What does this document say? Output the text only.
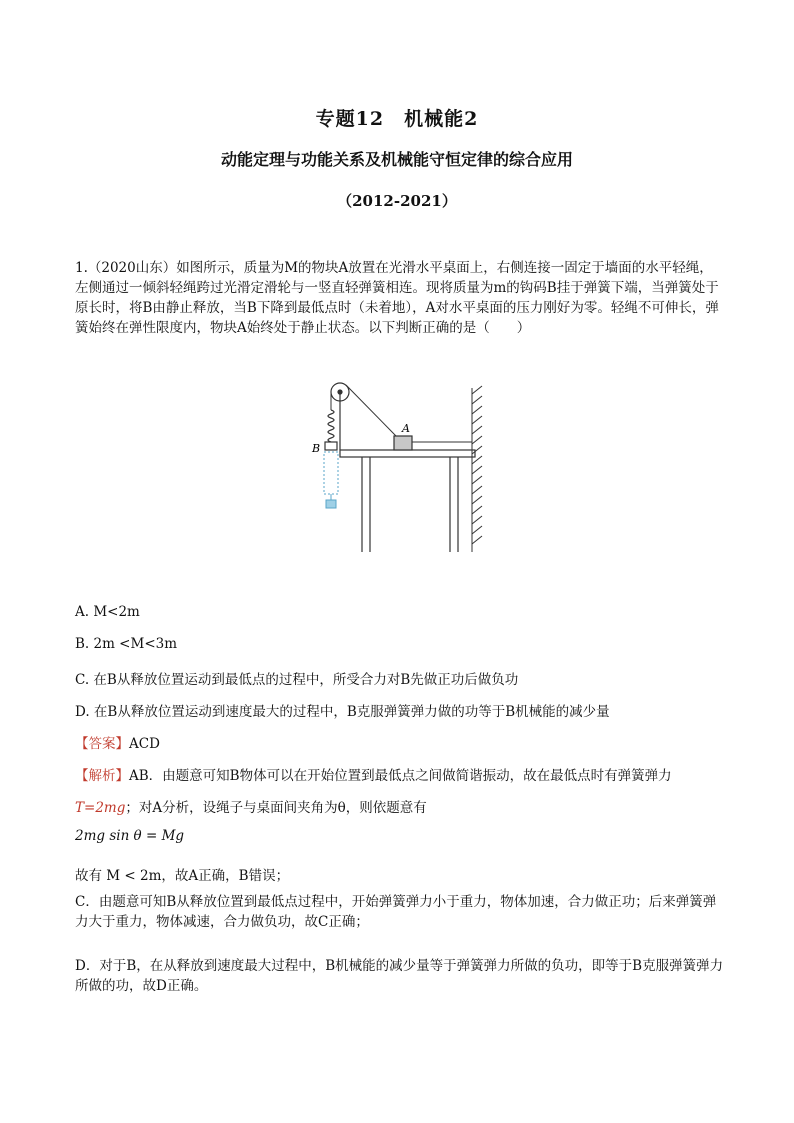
专题12　机械能2
动能定理与功能关系及机械能守恒定律的综合应用
（2012-2021）
1.（2020山东）如图所示，质量为M的物块A放置在光滑水平桌面上，右侧连接一固定于墙面的水平轻绳，左侧通过一倾斜轻绳跨过光滑定滑轮与一竖直轻弹簧相连。现将质量为m的钩码B挂于弹簧下端，当弹簧处于原长时，将B由静止释放，当B下降到最低点时（未着地），A对水平桌面的压力刚好为零。轻绳不可伸长，弹簧始终在弹性限度内，物块A始终处于静止状态。以下判断正确的是（　　）
A
B
A. M<2m
B. 2m <M<3m
C. 在B从释放位置运动到最低点的过程中，所受合力对B先做正功后做负功
D. 在B从释放位置运动到速度最大的过程中，B克服弹簧弹力做的功等于B机械能的减少量
【答案】ACD
【解析】AB．由题意可知B物体可以在开始位置到最低点之间做简谐振动，故在最低点时有弹簧弹力
T=2mg；对A分析，设绳子与桌面间夹角为θ，则依题意有
2mg sin θ = Mg
故有 M < 2m，故A正确，B错误；
C．由题意可知B从释放位置到最低点过程中，开始弹簧弹力小于重力，物体加速，合力做正功；后来弹簧弹力大于重力，物体减速，合力做负功，故C正确；
D．对于B，在从释放到速度最大过程中，B机械能的减少量等于弹簧弹力所做的负功，即等于B克服弹簧弹力所做的功，故D正确。
